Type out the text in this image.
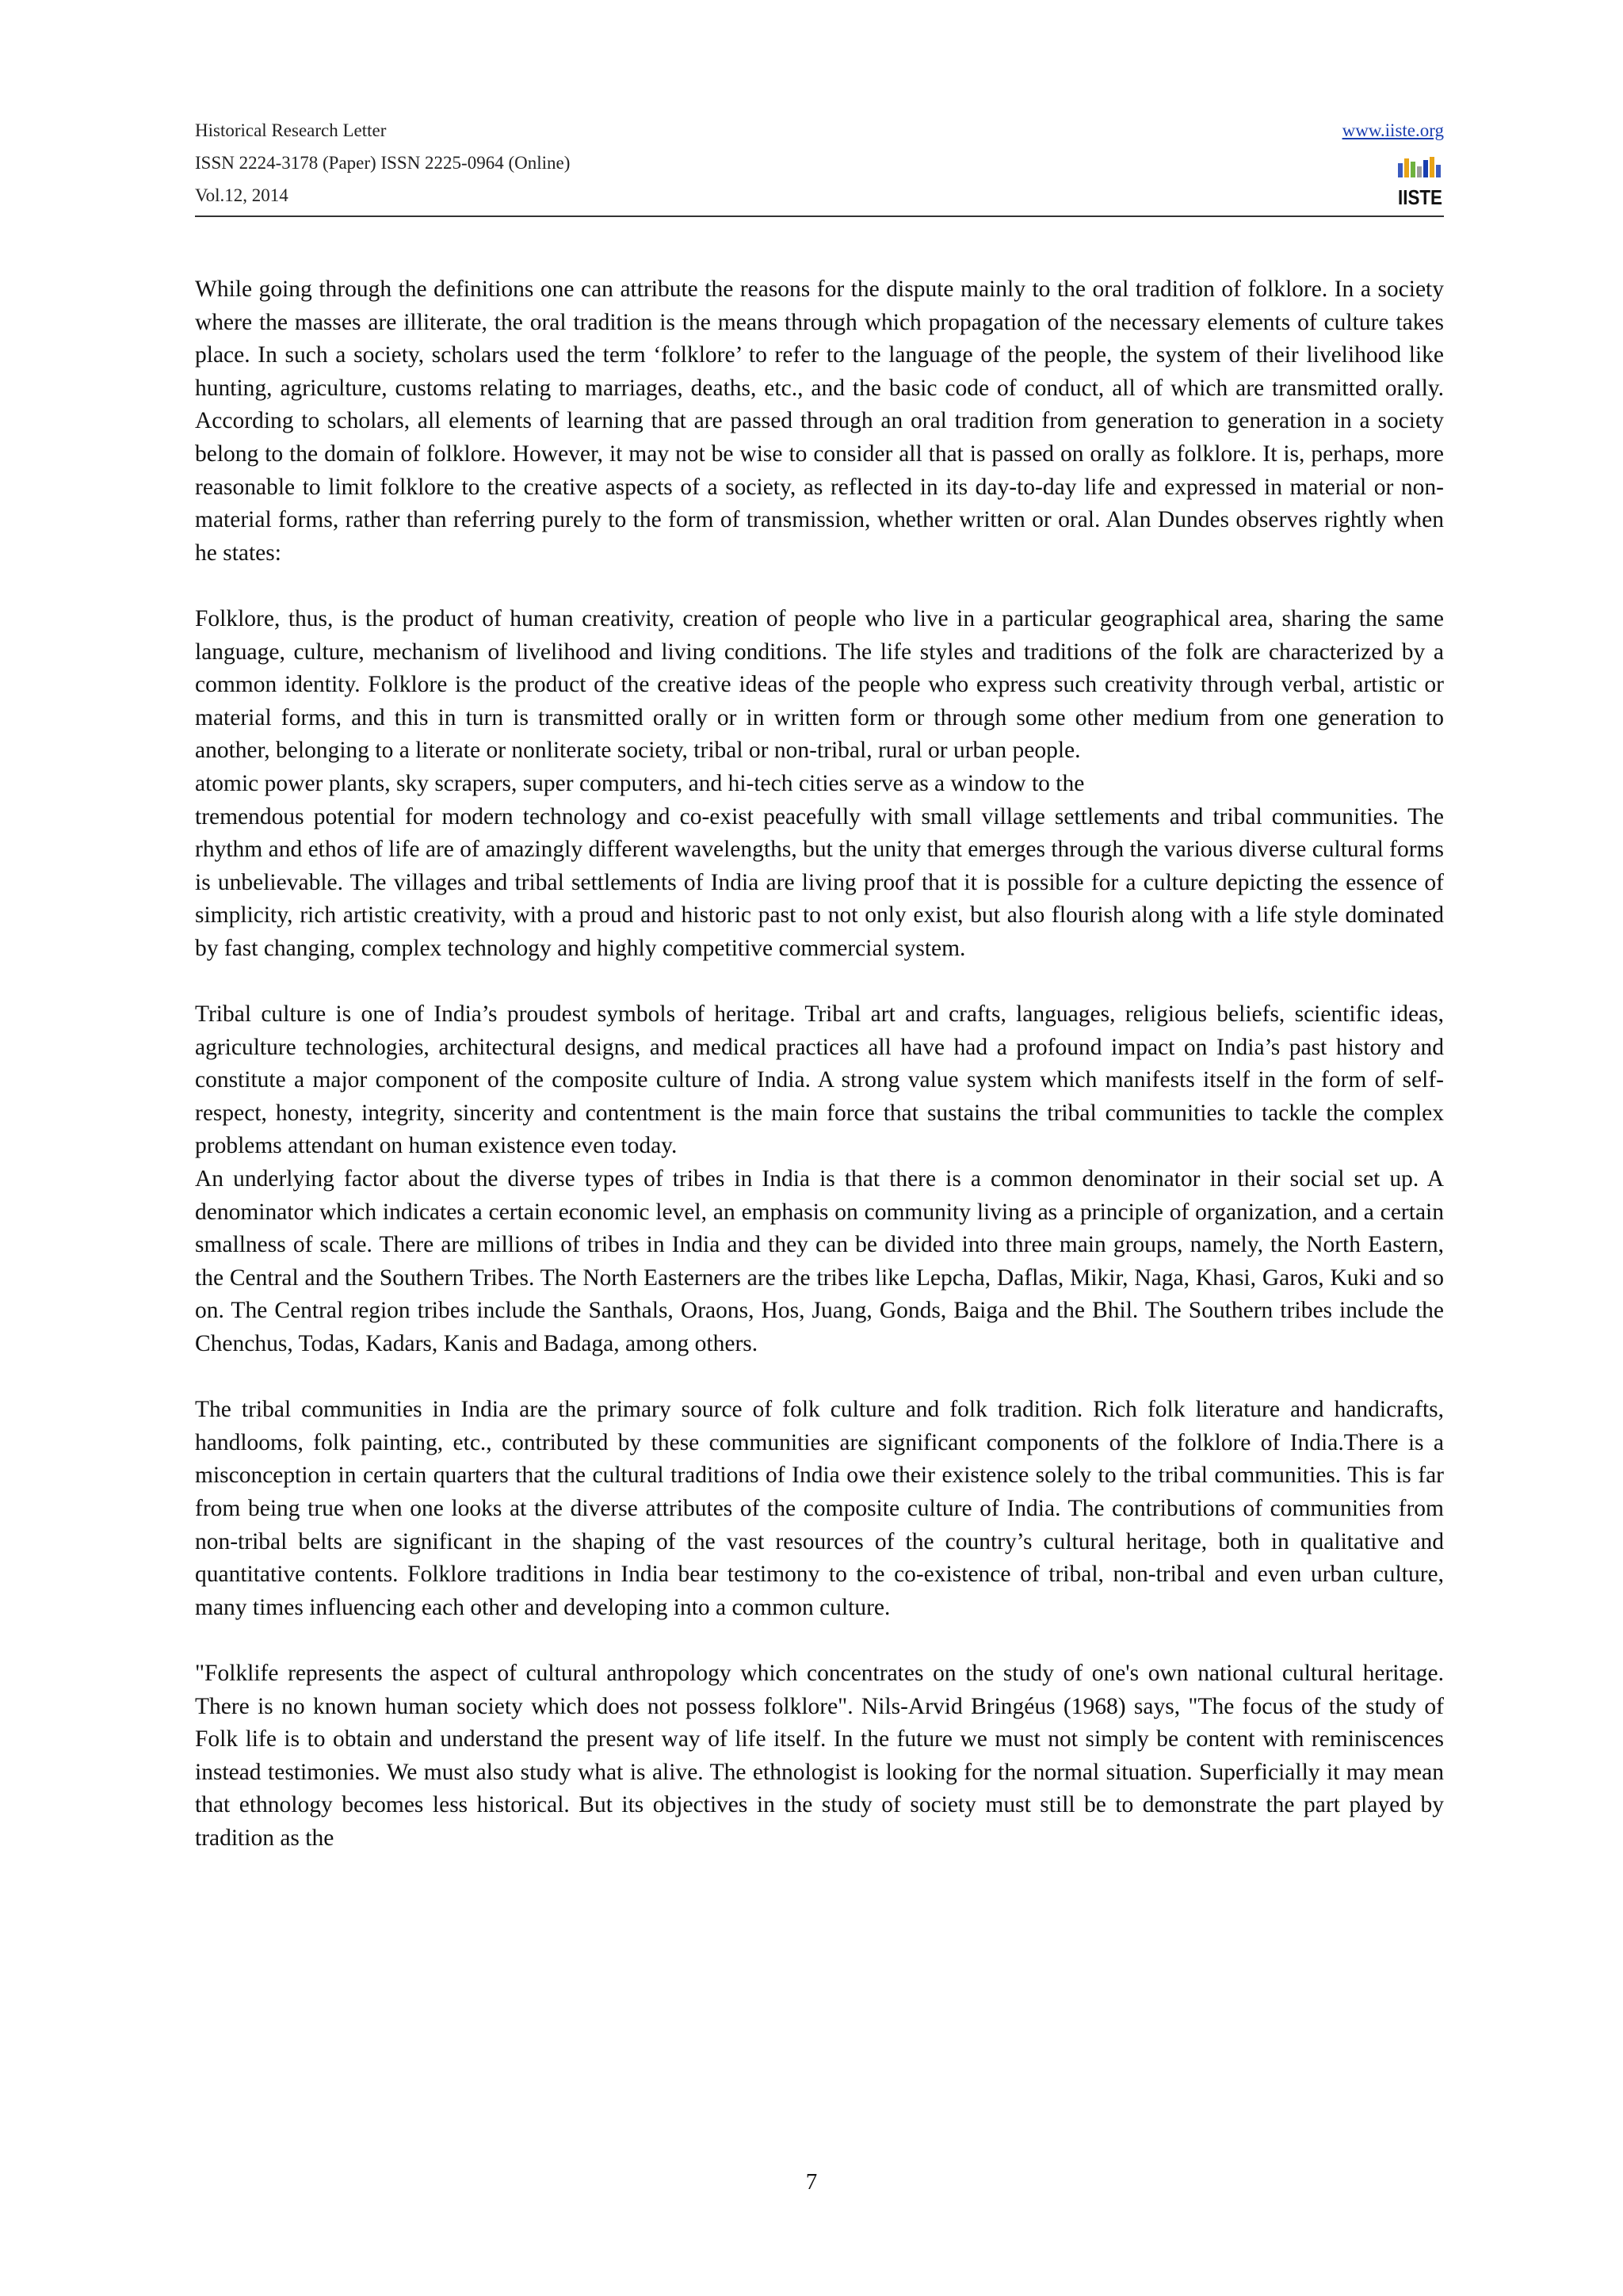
Historical Research Letter
ISSN 2224-3178 (Paper) ISSN 2225-0964 (Online)
Vol.12, 2014
www.iiste.org
IISTE

While going through the definitions one can attribute the reasons for the dispute mainly to the oral tradition of folklore. In a society where the masses are illiterate, the oral tradition is the means through which propagation of the necessary elements of culture takes place. In such a society, scholars used the term ‘folklore’ to refer to the language of the people, the system of their livelihood like hunting, agriculture, customs relating to marriages, deaths, etc., and the basic code of conduct, all of which are transmitted orally. According to scholars, all elements of learning that are passed through an oral tradition from generation to generation in a society belong to the domain of folklore. However, it may not be wise to consider all that is passed on orally as folklore. It is, perhaps, more reasonable to limit folklore to the creative aspects of a society, as reflected in its day-to-day life and expressed in material or non-material forms, rather than referring purely to the form of transmission, whether written or oral. Alan Dundes observes rightly when he states:

Folklore, thus, is the product of human creativity, creation of people who live in a particular geographical area, sharing the same language, culture, mechanism of livelihood and living conditions. The life styles and traditions of the folk are characterized by a common identity. Folklore is the product of the creative ideas of the people who express such creativity through verbal, artistic or material forms, and this in turn is transmitted orally or in written form or through some other medium from one generation to another, belonging to a literate or nonliterate society, tribal or non-tribal, rural or urban people.

atomic power plants, sky scrapers, super computers, and hi-tech cities serve as a window to the

tremendous potential for modern technology and co-exist peacefully with small village settlements and tribal communities. The rhythm and ethos of life are of amazingly different wavelengths, but the unity that emerges through the various diverse cultural forms is unbelievable. The villages and tribal settlements of India are living proof that it is possible for a culture depicting the essence of simplicity, rich artistic creativity, with a proud and historic past to not only exist, but also flourish along with a life style dominated by fast changing, complex technology and highly competitive commercial system.

Tribal culture is one of India’s proudest symbols of heritage. Tribal art and crafts, languages, religious beliefs, scientific ideas, agriculture technologies, architectural designs, and medical practices all have had a profound impact on India’s past history and constitute a major component of the composite culture of India. A strong value system which manifests itself in the form of self-respect, honesty, integrity, sincerity and contentment is the main force that sustains the tribal communities to tackle the complex problems attendant on human existence even today.

An underlying factor about the diverse types of tribes in India is that there is a common denominator in their social set up. A denominator which indicates a certain economic level, an emphasis on community living as a principle of organization, and a certain smallness of scale. There are millions of tribes in India and they can be divided into three main groups, namely, the North Eastern, the Central and the Southern Tribes. The North Easterners are the tribes like Lepcha, Daflas, Mikir, Naga, Khasi, Garos, Kuki and so on. The Central region tribes include the Santhals, Oraons, Hos, Juang, Gonds, Baiga and the Bhil. The Southern tribes include the Chenchus, Todas, Kadars, Kanis and Badaga, among others.

The tribal communities in India are the primary source of folk culture and folk tradition. Rich folk literature and handicrafts, handlooms, folk painting, etc., contributed by these communities are significant components of the folklore of India.There is a misconception in certain quarters that the cultural traditions of India owe their existence solely to the tribal communities. This is far from being true when one looks at the diverse attributes of the composite culture of India. The contributions of communities from non-tribal belts are significant in the shaping of the vast resources of the country’s cultural heritage, both in qualitative and quantitative contents. Folklore traditions in India bear testimony to the co-existence of tribal, non-tribal and even urban culture, many times influencing each other and developing into a common culture.

"Folklife represents the aspect of cultural anthropology which concentrates on the study of one's own national cultural heritage. There is no known human society which does not possess folklore". Nils-Arvid Bringéus (1968) says, "The focus of the study of Folk life is to obtain and understand the present way of life itself. In the future we must not simply be content with reminiscences instead testimonies. We must also study what is alive. The ethnologist is looking for the normal situation. Superficially it may mean that ethnology becomes less historical. But its objectives in the study of society must still be to demonstrate the part played by tradition as the

7
